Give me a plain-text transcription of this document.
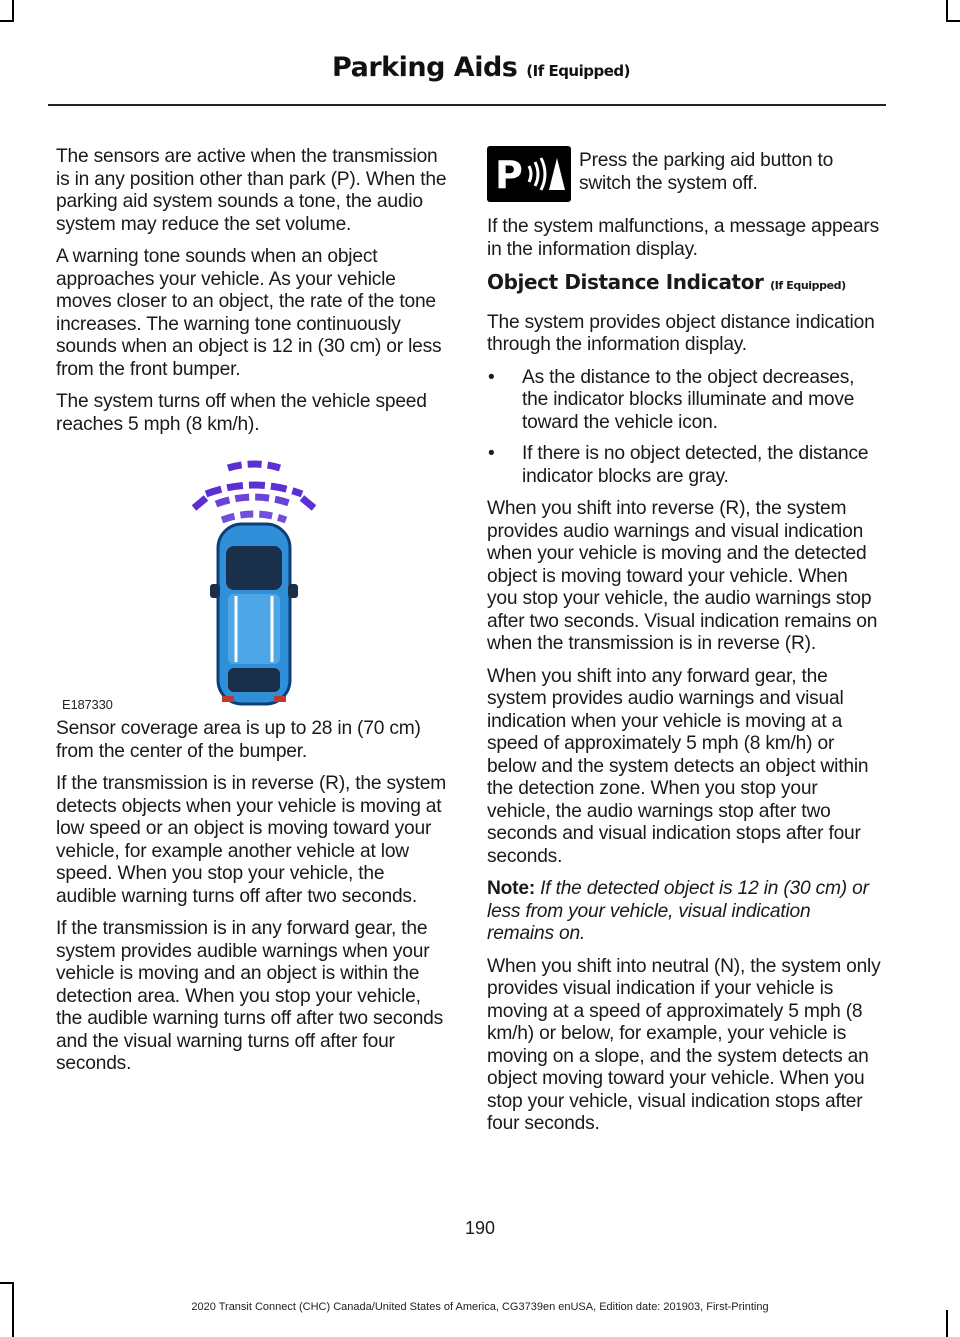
Parking Aids (If Equipped)

The sensors are active when the transmission is in any position other than park (P). When the parking aid system sounds a tone, the audio system may reduce the set volume.

A warning tone sounds when an object approaches your vehicle. As your vehicle moves closer to an object, the rate of the tone increases. The warning tone continuously sounds when an object is 12 in (30 cm) or less from the front bumper.

The system turns off when the vehicle speed reaches 5 mph (8 km/h).

E187330

Sensor coverage area is up to 28 in (70 cm) from the center of the bumper.

If the transmission is in reverse (R), the system detects objects when your vehicle is moving at low speed or an object is moving toward your vehicle, for example another vehicle at low speed. When you stop your vehicle, the audible warning turns off after two seconds.

If the transmission is in any forward gear, the system provides audible warnings when your vehicle is moving and an object is within the detection area. When you stop your vehicle, the audible warning turns off after two seconds and the visual warning turns off after four seconds.

P	Press the parking aid button to switch the system off.

If the system malfunctions, a message appears in the information display.

Object Distance Indicator (If Equipped)

The system provides object distance indication through the information display.

• As the distance to the object decreases, the indicator blocks illuminate and move toward the vehicle icon.
• If there is no object detected, the distance indicator blocks are gray.

When you shift into reverse (R), the system provides audio warnings and visual indication when your vehicle is moving and the detected object is moving toward your vehicle. When you stop your vehicle, the audio warnings stop after two seconds. Visual indication remains on when the transmission is in reverse (R).

When you shift into any forward gear, the system provides audio warnings and visual indication when your vehicle is moving at a speed of approximately 5 mph (8 km/h) or below and the system detects an object within the detection zone. When you stop your vehicle, the audio warnings stop after two seconds and visual indication stops after four seconds.

Note: If the detected object is 12 in (30 cm) or less from your vehicle, visual indication remains on.

When you shift into neutral (N), the system only provides visual indication if your vehicle is moving at a speed of approximately 5 mph (8 km/h) or below, for example, your vehicle is moving on a slope, and the system detects an object moving toward your vehicle. When you stop your vehicle, visual indication stops after four seconds.

190
2020 Transit Connect (CHC) Canada/United States of America, CG3739en enUSA, Edition date: 201903, First-Printing
